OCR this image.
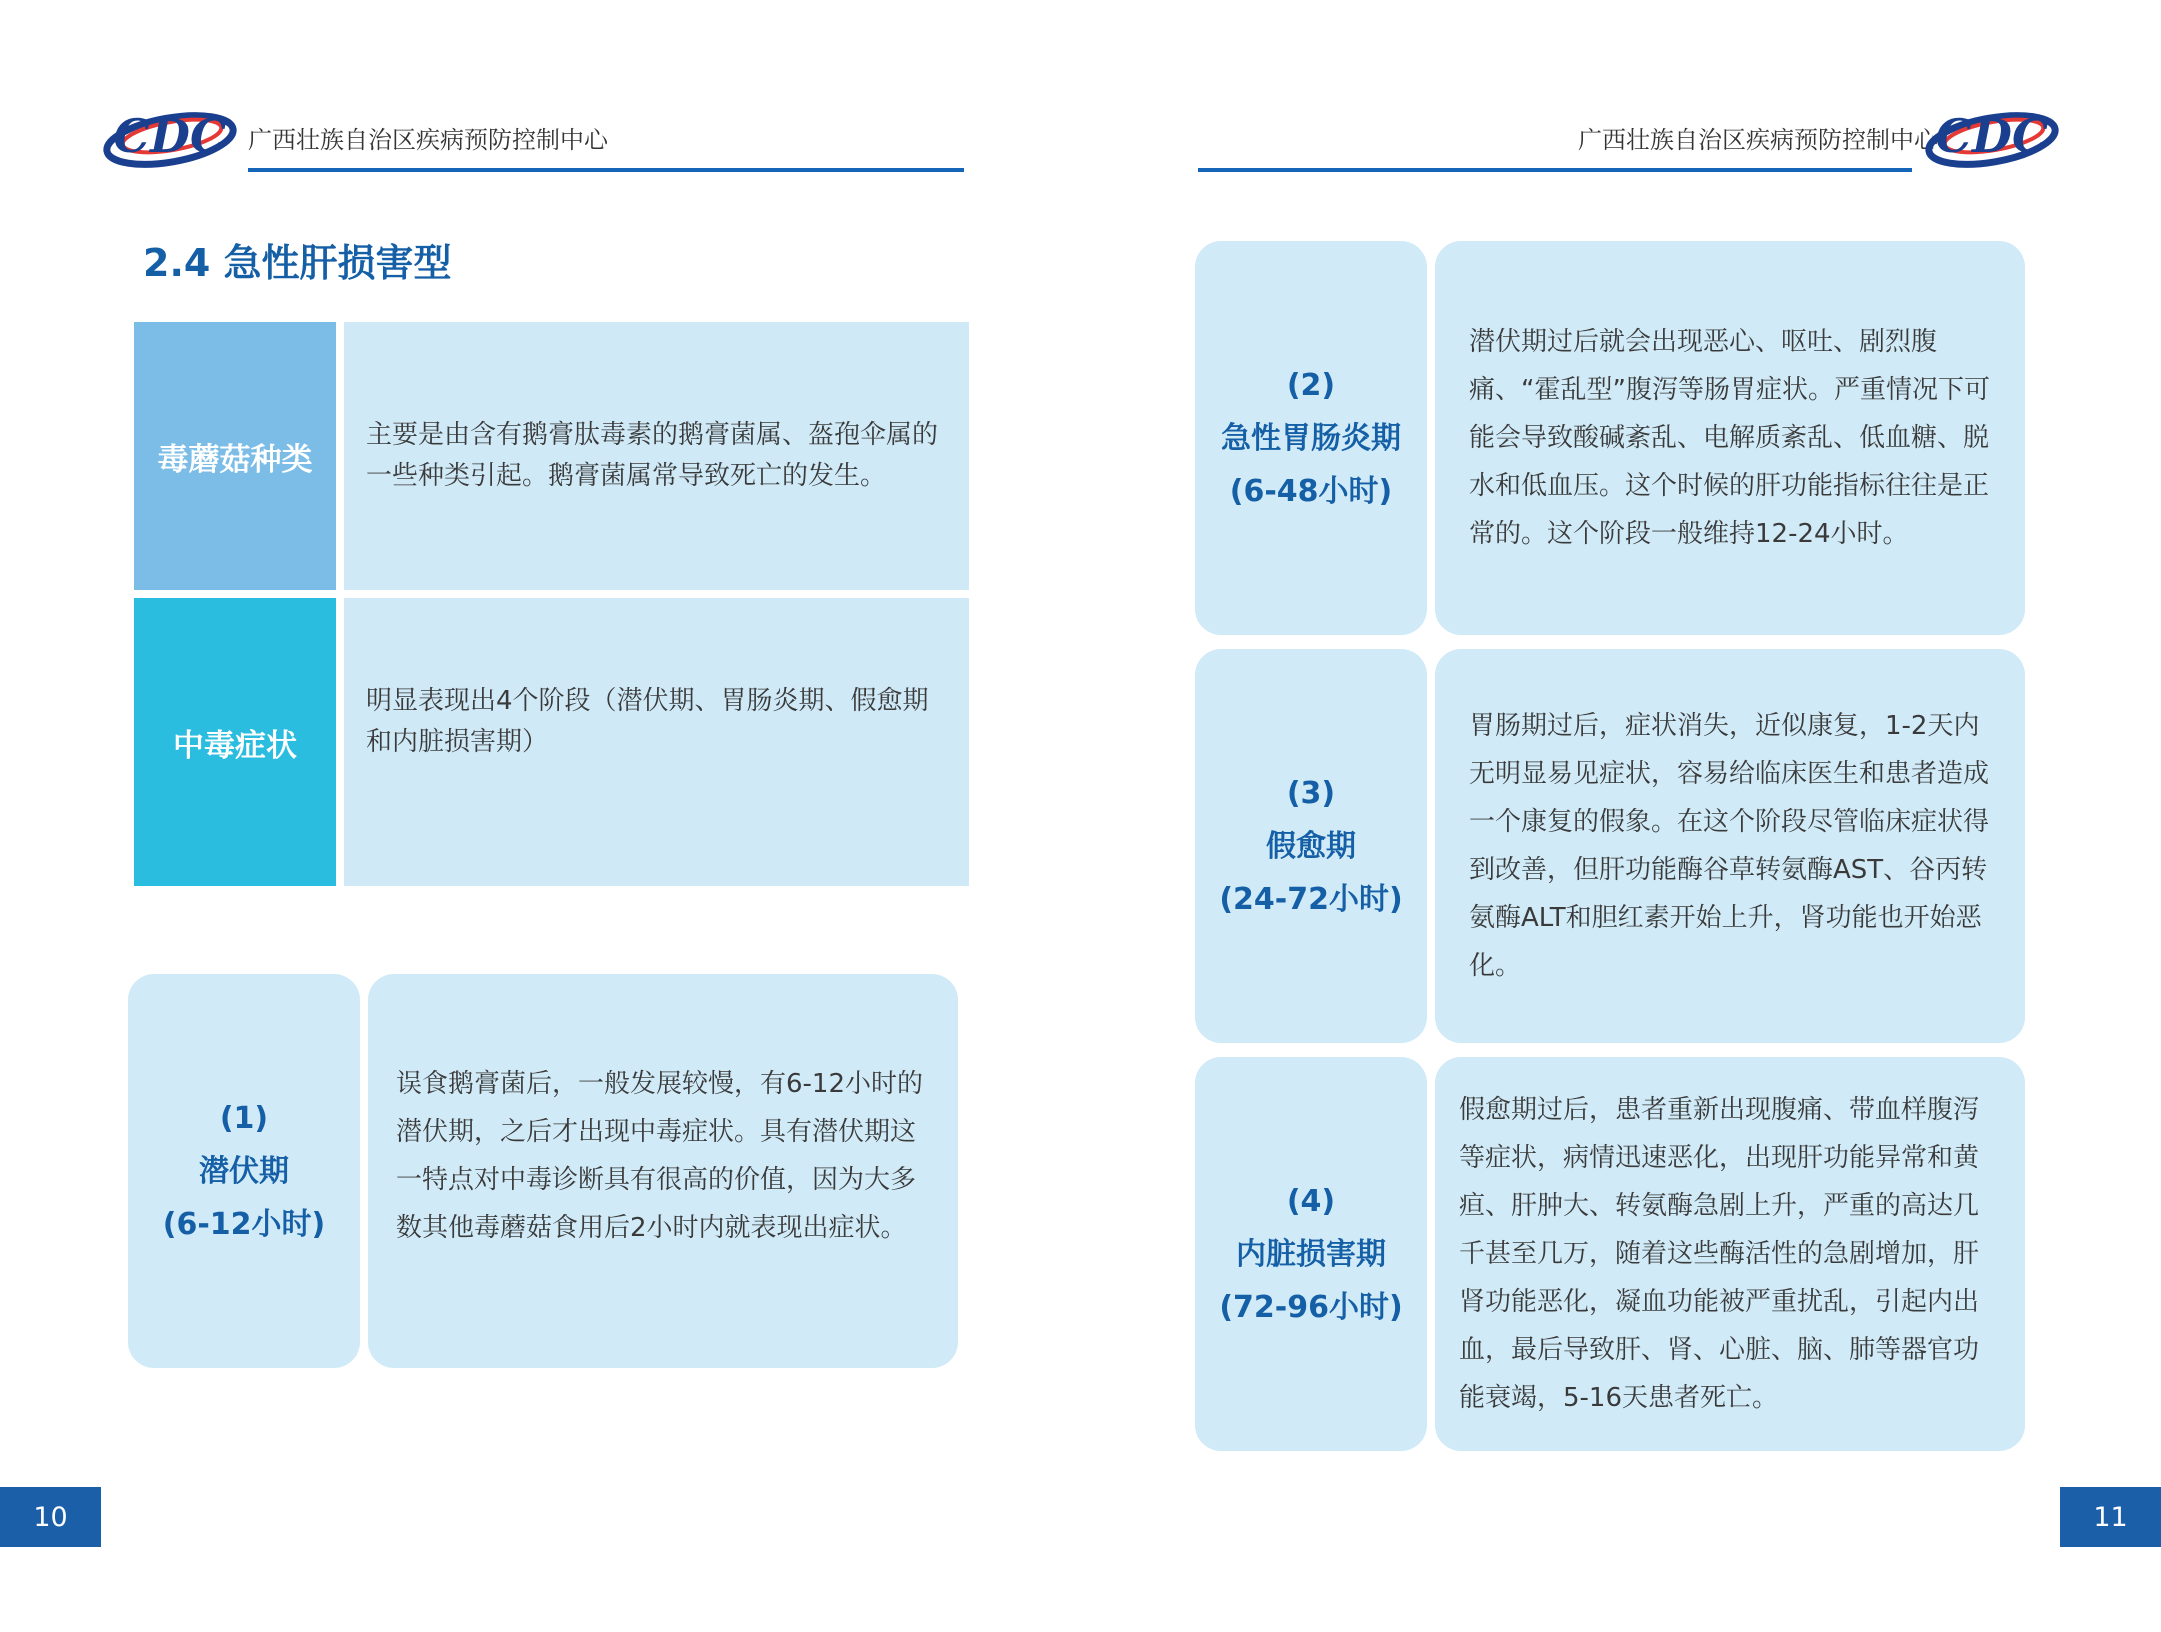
CDC 广西壮族自治区疾病预防控制中心	广西壮族自治区疾病预防控制中心
CDC
2.4 急性肝损害型
毒蘑菇种类
主要是由含有鹅膏肽毒素的鹅膏菌属、盔孢伞属的一些种类引起。鹅膏菌属常导致死亡的发生。
中毒症状
明显表现出4个阶段（潜伏期、胃肠炎期、假愈期和内脏损害期）
(1)
潜伏期
(6-12小时)
误食鹅膏菌后，一般发展较慢，有6-12小时的潜伏期，之后才出现中毒症状。具有潜伏期这一特点对中毒诊断具有很高的价值，因为大多数其他毒蘑菇食用后2小时内就表现出症状。
(2)
急性胃肠炎期
(6-48小时)
潜伏期过后就会出现恶心、呕吐、剧烈腹痛、“霍乱型”腹泻等肠胃症状。严重情况下可能会导致酸碱紊乱、电解质紊乱、低血糖、脱水和低血压。这个时候的肝功能指标往往是正常的。这个阶段一般维持12-24小时。
(3)
假愈期
(24-72小时)
胃肠期过后，症状消失，近似康复，1-2天内无明显易见症状，容易给临床医生和患者造成一个康复的假象。在这个阶段尽管临床症状得到改善，但肝功能酶谷草转氨酶AST、谷丙转氨酶ALT和胆红素开始上升，肾功能也开始恶化。
(4)
内脏损害期
(72-96小时)
假愈期过后，患者重新出现腹痛、带血样腹泻等症状，病情迅速恶化，出现肝功能异常和黄疸、肝肿大、转氨酶急剧上升，严重的高达几千甚至几万，随着这些酶活性的急剧增加，肝肾功能恶化，凝血功能被严重扰乱，引起内出血，最后导致肝、肾、心脏、脑、肺等器官功能衰竭，5-16天患者死亡。
10	11
